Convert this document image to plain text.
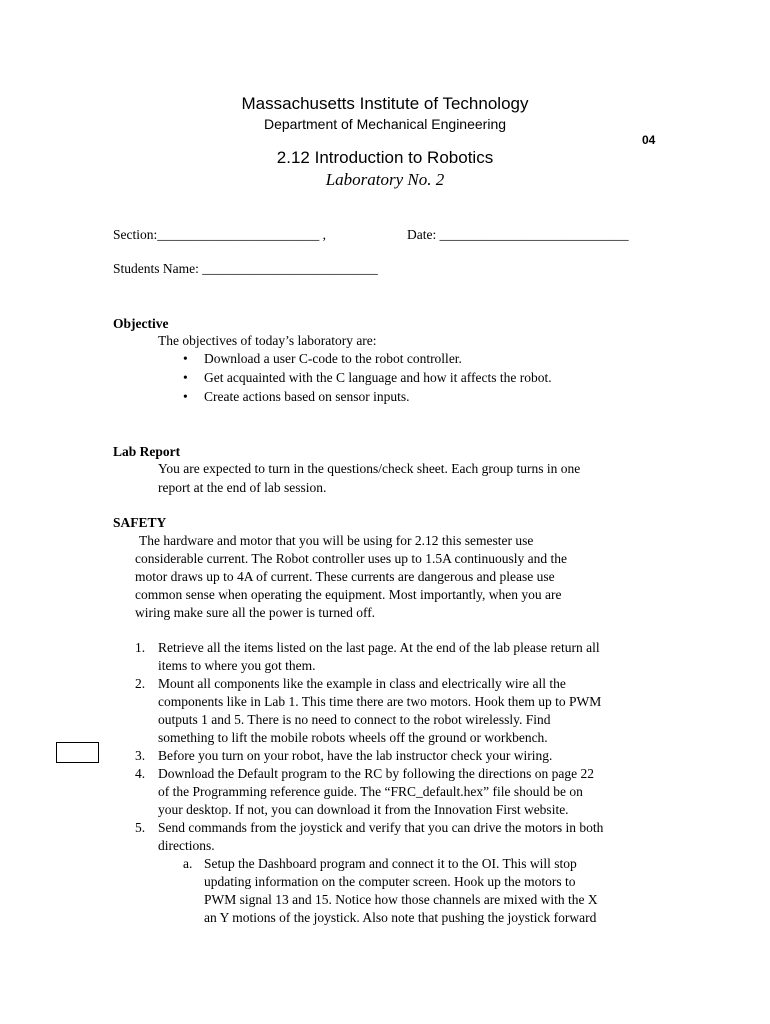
Massachusetts Institute of Technology
Department of Mechanical Engineering
04
2.12 Introduction to Robotics
Laboratory No. 2
Section:________________________ ,	Date: ____________________________
Students Name: __________________________
Objective
The objectives of today’s laboratory are:
• Download a user C-code to the robot controller.
• Get acquainted with the C language and how it affects the robot.
• Create actions based on sensor inputs.
Lab Report
You are expected to turn in the questions/check sheet. Each group turns in one
report at the end of lab session.
SAFETY
The hardware and motor that you will be using for 2.12 this semester use
considerable current. The Robot controller uses up to 1.5A continuously and the
motor draws up to 4A of current. These currents are dangerous and please use
common sense when operating the equipment. Most importantly, when you are
wiring make sure all the power is turned off.
1. Retrieve all the items listed on the last page. At the end of the lab please return all
items to where you got them.
2. Mount all components like the example in class and electrically wire all the
components like in Lab 1. This time there are two motors. Hook them up to PWM
outputs 1 and 5. There is no need to connect to the robot wirelessly. Find
something to lift the mobile robots wheels off the ground or workbench.
3. Before you turn on your robot, have the lab instructor check your wiring.
4. Download the Default program to the RC by following the directions on page 22
of the Programming reference guide. The “FRC_default.hex” file should be on
your desktop. If not, you can download it from the Innovation First website.
5. Send commands from the joystick and verify that you can drive the motors in both
directions.
a. Setup the Dashboard program and connect it to the OI. This will stop
updating information on the computer screen. Hook up the motors to
PWM signal 13 and 15. Notice how those channels are mixed with the X
an Y motions of the joystick. Also note that pushing the joystick forward
